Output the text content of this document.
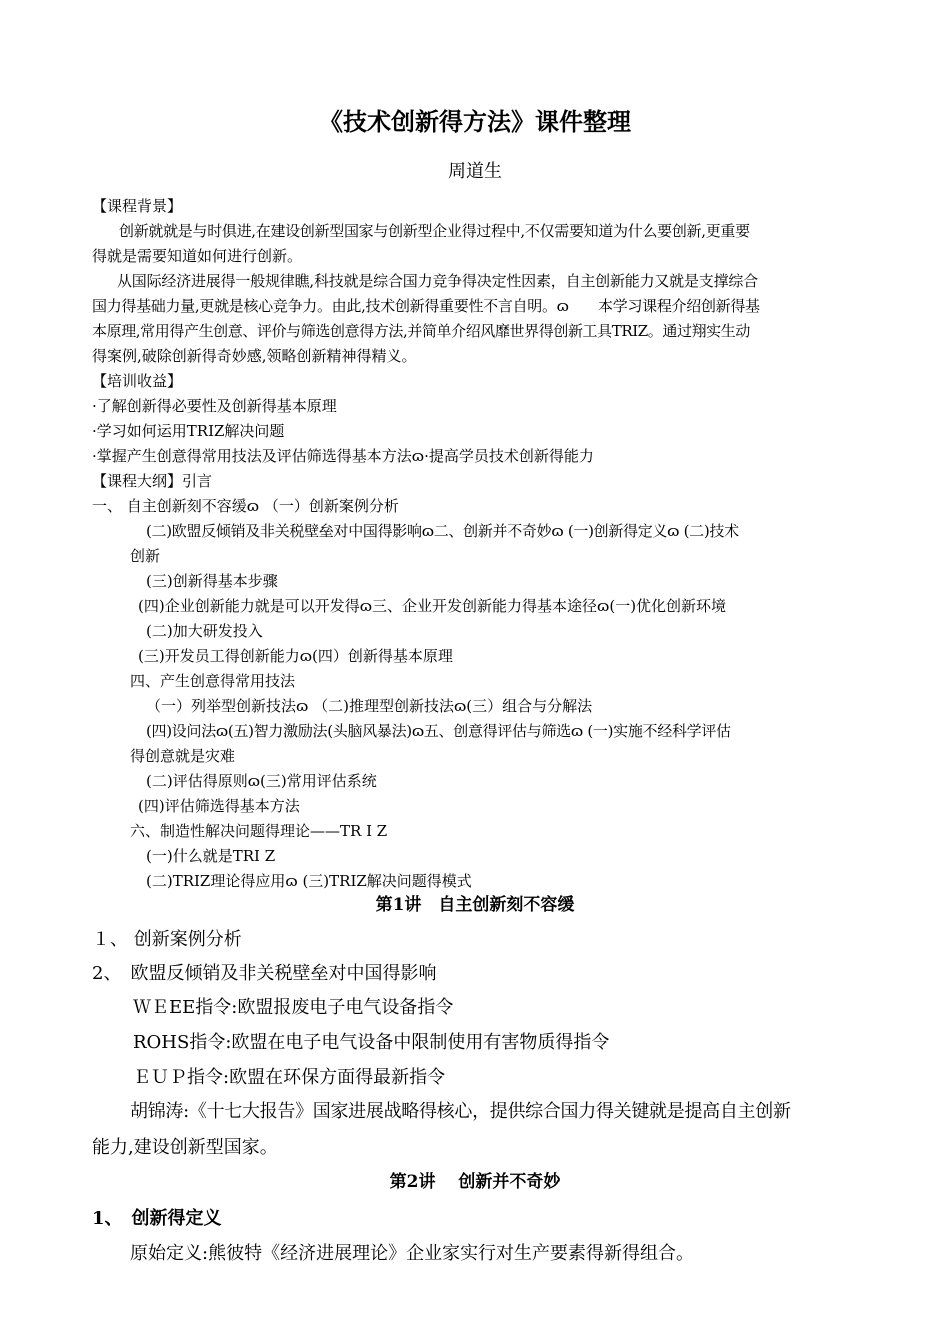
《技术创新得方法》课件整理
周道生
【课程背景】
创新就就是与时俱进,在建设创新型国家与创新型企业得过程中,不仅需要知道为什么要创新,更重要
得就是需要知道如何进行创新。
从国际经济进展得一般规律瞧,科技就是综合国力竞争得决定性因素，自主创新能力又就是支撑综合
国力得基础力量,更就是核心竞争力。由此,技术创新得重要性不言自明。ɷ　　本学习课程介绍创新得基
本原理,常用得产生创意、评价与筛选创意得方法,并简单介绍风靡世界得创新工具TRIZ。通过翔实生动
得案例,破除创新得奇妙感,领略创新精神得精义。
【培训收益】
·了解创新得必要性及创新得基本原理
·学习如何运用TRIZ解决问题
·掌握产生创意得常用技法及评估筛选得基本方法ɷ·提高学员技术创新得能力
【课程大纲】引言
一、 自主创新刻不容缓ɷ （一）创新案例分析
(二)欧盟反倾销及非关税壁垒对中国得影响ɷ二、创新并不奇妙ɷ (一)创新得定义ɷ (二)技术
创新
(三)创新得基本步骤
(四)企业创新能力就是可以开发得ɷ三、企业开发创新能力得基本途径ɷ(一)优化创新环境
(二)加大研发投入
(三)开发员工得创新能力ɷ(四）创新得基本原理
四、产生创意得常用技法
（一）列举型创新技法ɷ （二)推理型创新技法ɷ(三）组合与分解法
(四)设问法ɷ(五)智力激励法(头脑风暴法)ɷ五、创意得评估与筛选ɷ (一)实施不经科学评估
得创意就是灾难
(二)评估得原则ɷ(三)常用评估系统
(四)评估筛选得基本方法
六、制造性解决问题得理论——TR I Z
(一)什么就是TRI Z
(二)TRIZ理论得应用ɷ (三)TRIZ解决问题得模式
第1讲　自主创新刻不容缓
１、 创新案例分析
2、　欧盟反倾销及非关税壁垒对中国得影响
ＷＥEE指令:欧盟报废电子电气设备指令
ROHS指令:欧盟在电子电气设备中限制使用有害物质得指令
ＥＵＰ指令:欧盟在环保方面得最新指令
胡锦涛:《十七大报告》国家进展战略得核心，提供综合国力得关键就是提高自主创新
能力,建设创新型国家。
第2讲　 创新并不奇妙
1、　创新得定义
原始定义:熊彼特《经济进展理论》企业家实行对生产要素得新得组合。
